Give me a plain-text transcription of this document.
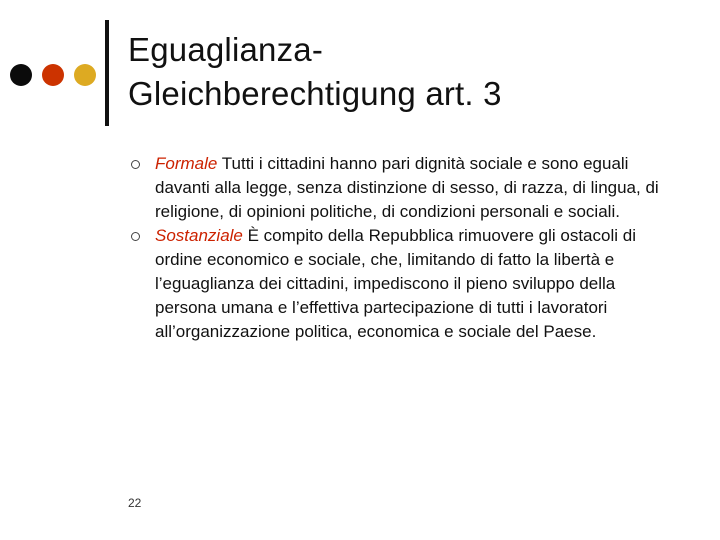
Eguaglianza-
Gleichberechtigung art. 3
Formale Tutti i cittadini hanno pari dignità sociale e sono eguali davanti alla legge, senza distinzione di sesso, di razza, di lingua, di religione, di opinioni politiche, di condizioni personali e sociali.
Sostanziale È compito della Repubblica rimuovere gli ostacoli di ordine economico e sociale, che, limitando di fatto la libertà e l’eguaglianza dei cittadini, impediscono il pieno sviluppo della persona umana e l’effettiva partecipazione di tutti i lavoratori all’organizzazione politica, economica e sociale del Paese.
22
